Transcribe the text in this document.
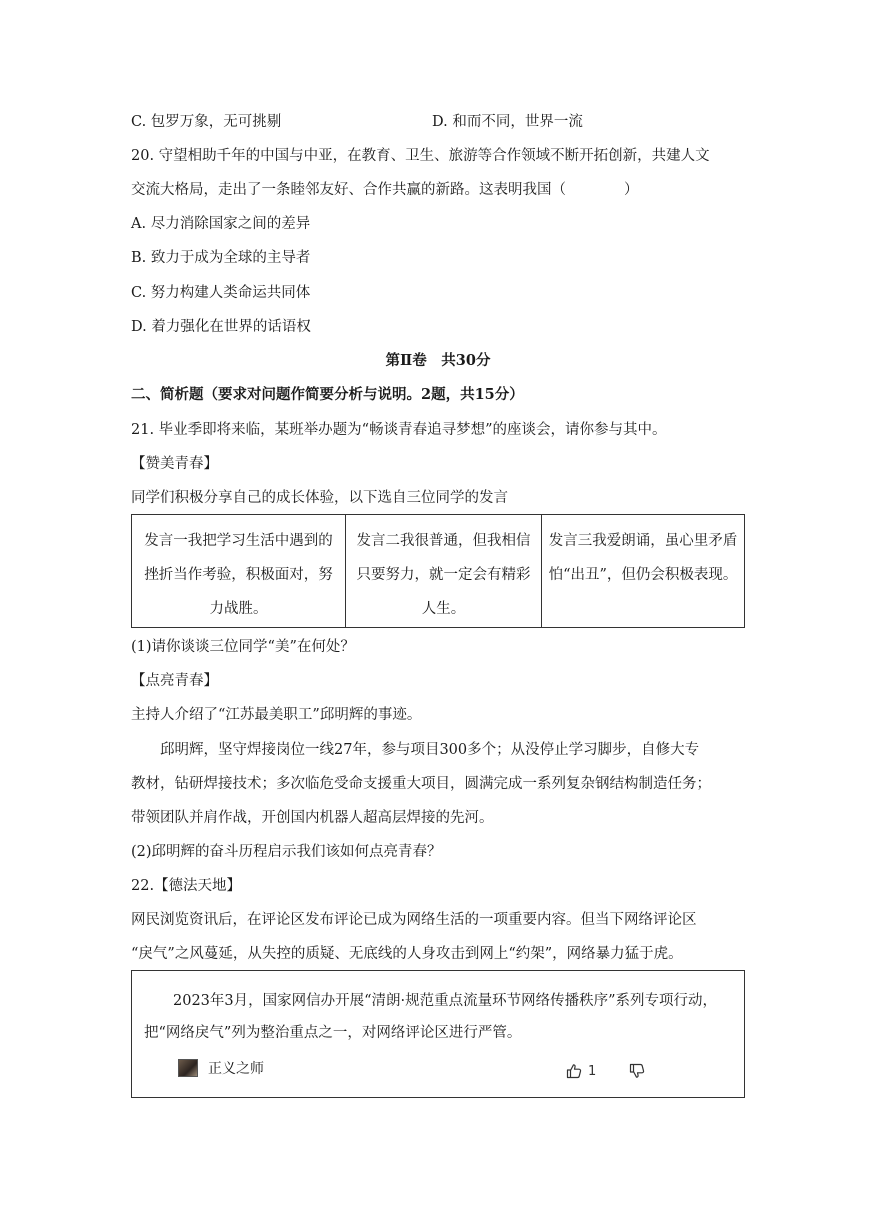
C. 包罗万象，无可挑剔	D. 和而不同，世界一流
20. 守望相助千年的中国与中亚，在教育、卫生、旅游等合作领域不断开拓创新，共建人文
交流大格局，走出了一条睦邻友好、合作共赢的新路。这表明我国（　　　　）
A. 尽力消除国家之间的差异
B. 致力于成为全球的主导者
C. 努力构建人类命运共同体
D. 着力强化在世界的话语权
第Ⅱ卷　共30分
二、简析题（要求对问题作简要分析与说明。2题，共15分）
21. 毕业季即将来临，某班举办题为“畅谈青春追寻梦想”的座谈会，请你参与其中。
【赞美青春】
同学们积极分享自己的成长体验，以下选自三位同学的发言
发言一我把学习生活中遇到的挫折当作考验，积极面对，努力战胜。
发言二我很普通，但我相信只要努力，就一定会有精彩人生。
发言三我爱朗诵，虽心里矛盾怕“出丑”，但仍会积极表现。
(1)请你谈谈三位同学“美”在何处？
【点亮青春】
主持人介绍了“江苏最美职工”邱明辉的事迹。
邱明辉，坚守焊接岗位一线27年，参与项目300多个；从没停止学习脚步，自修大专
教材，钻研焊接技术；多次临危受命支援重大项目，圆满完成一系列复杂钢结构制造任务；
带领团队并肩作战，开创国内机器人超高层焊接的先河。
(2)邱明辉的奋斗历程启示我们该如何点亮青春？
22.【德法天地】
网民浏览资讯后，在评论区发布评论已成为网络生活的一项重要内容。但当下网络评论区
“戾气”之风蔓延，从失控的质疑、无底线的人身攻击到网上“约架”，网络暴力猛于虎。
2023年3月，国家网信办开展“清朗·规范重点流量环节网络传播秩序”系列专项行动，把“网络戾气”列为整治重点之一，对网络评论区进行严管。
正义之师	1
